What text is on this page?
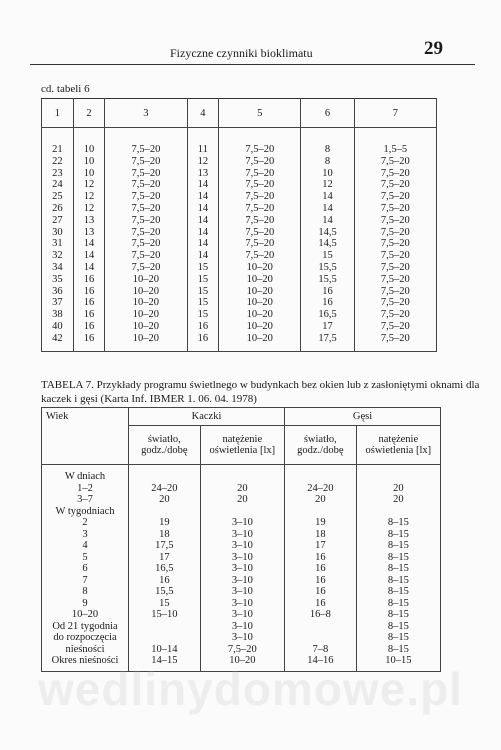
Fizyczne czynniki bioklimatu	29
cd. tabeli 6
1	2	3	4	5	6	7
21	10	7,5–20	11	7,5–20	8	1,5–5
22	10	7,5–20	12	7,5–20	8	7,5–20
23	10	7,5–20	13	7,5–20	10	7,5–20
24	12	7,5–20	14	7,5–20	12	7,5–20
25	12	7,5–20	14	7,5–20	14	7,5–20
26	12	7,5–20	14	7,5–20	14	7,5–20
27	13	7,5–20	14	7,5–20	14	7,5–20
30	13	7,5–20	14	7,5–20	14,5	7,5–20
31	14	7,5–20	14	7,5–20	14,5	7,5–20
32	14	7,5–20	14	7,5–20	15	7,5–20
34	14	7,5–20	15	10–20	15,5	7,5–20
35	16	10–20	15	10–20	15,5	7,5–20
36	16	10–20	15	10–20	16	7,5–20
37	16	10–20	15	10–20	16	7,5–20
38	16	10–20	15	10–20	16,5	7,5–20
40	16	10–20	16	10–20	17	7,5–20
42	16	10–20	16	10–20	17,5	7,5–20
TABELA 7. Przykłady programu świetlnego w budynkach bez okien lub z zasłoniętymi oknami dla kaczek i gęsi (Karta Inf. IBMER 1. 06. 04. 1978)
Wiek	Kaczki		Gęsi	
	światło, godz./dobę	natężenie oświetlenia [lx]	światło, godz./dobę	natężenie oświetlenia [lx]
W dniach				
1–2	24–20	20	24–20	20
3–7	20	20	20	20
W tygodniach				
2	19	3–10	19	8–15
3	18	3–10	18	8–15
4	17,5	3–10	17	8–15
5	17	3–10	16	8–15
6	16,5	3–10	16	8–15
7	16	3–10	16	8–15
8	15,5	3–10	16	8–15
9	15	3–10	16	8–15
10–20	15–10	3–10	16–8	8–15
Od 21 tygodnia		3–10		8–15
do rozpoczęcia		3–10		8–15
nieśności	10–14	7,5–20	7–8	8–15
Okres nieśności	14–15	10–20	14–16	10–15
wedlinydomowe.pl
